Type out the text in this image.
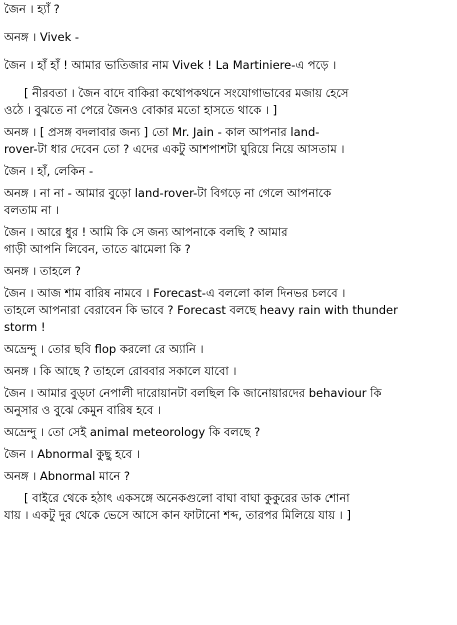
জৈন । হ্যাঁ ?
অনঙ্গ । Vivek -
জৈন । হাঁ হাঁ ! আমার ভাতিজার নাম Vivek ! La Martiniere-এ পড়ে ।
[ নীরবতা । জৈন বাদে বাকিরা কথোপকথনে সংযোগাভাবের মজায় হেসে
ওঠে । বুঝতে না পেরে জৈনও বোকার মতো হাসতে থাকে । ]
অনঙ্গ । [ প্রসঙ্গ বদলাবার জন্য ] তো Mr. Jain - কাল আপনার land-
rover-টা ধার দেবেন তো ? এদের একটু আশপাশটা ঘুরিয়ে নিয়ে আসতাম ।
জৈন । হাঁ, লেকিন -
অনঙ্গ । না না - আমার বুড়ো land-rover-টা বিগড়ে না গেলে আপনাকে
বলতাম না ।
জৈন । আরে ধুর ! আমি কি সে জন্য আপনাকে বলছি ? আমার
গাড়ী আপনি লিবেন, তাতে ঝামেলা কি ?
অনঙ্গ । তাহলে ?
জৈন । আজ শাম বারিষ নামবে । Forecast-এ বললো কাল দিনভর চলবে ।
তাহলে আপনারা বেরাবেন কি ভাবে ? Forecast বলছে heavy rain with thunder
storm !
অভ্রেন্দু । তোর ছবি flop করলো রে অ্যানি ।
অনঙ্গ । কি আছে ? তাহলে রোববার সকালে যাবো ।
জৈন । আমার বুড্ঢা নেপালী দারোয়ানটা বলছিল কি জানোয়ারদের behaviour কি
অনুসার ও বুঝে কেমুন বারিষ হবে ।
অভ্রেন্দু । তো সেই animal meteorology কি বলছে ?
জৈন । Abnormal কুছু হবে ।
অনঙ্গ । Abnormal মানে ?
[ বাইরে থেকে হঠাৎ একসঙ্গে অনেকগুলো বাঘা বাঘা কুকুরের ডাক শোনা
যায় । একটু দুর থেকে ভেসে আসে কান ফাটানো শব্দ, তারপর মিলিয়ে যায় । ]
